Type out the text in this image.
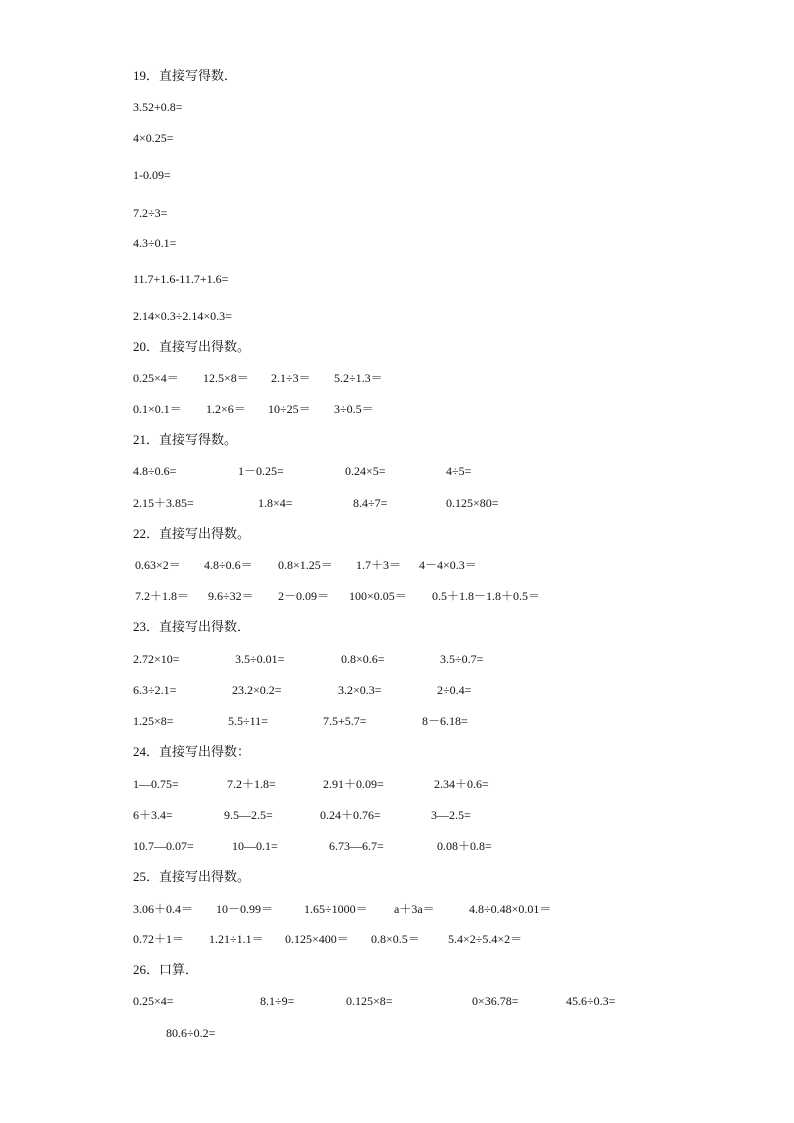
19．直接写得数．
3.52+0.8=
4×0.25=
1-0.09=
7.2÷3=
4.3÷0.1=
11.7+1.6-11.7+1.6=
2.14×0.3÷2.14×0.3=
20．直接写出得数。
0.25×4＝ 12.5×8＝ 2.1÷3＝ 5.2÷1.3＝
0.1×0.1＝ 1.2×6＝ 10÷25＝ 3÷0.5＝
21．直接写得数。
4.8÷0.6=	1－0.25=	0.24×5=	4÷5=
2.15＋3.85=	1.8×4=	8.4÷7=	0.125×80=
22．直接写出得数。
0.63×2＝ 4.8÷0.6＝ 0.8×1.25＝ 1.7＋3＝ 4－4×0.3＝
7.2＋1.8＝ 9.6÷32＝ 2－0.09＝ 100×0.05＝ 0.5＋1.8－1.8＋0.5＝
23．直接写出得数．
2.72×10=	3.5÷0.01=	0.8×0.6=	3.5÷0.7=
6.3÷2.1=	23.2×0.2=	3.2×0.3=	2÷0.4=
1.25×8=	5.5÷11=	7.5+5.7=	8－6.18=
24．直接写出得数：
1—0.75=	7.2＋1.8=	2.91＋0.09=	2.34＋0.6=
6＋3.4=	9.5—2.5=	0.24＋0.76=	3—2.5=
10.7—0.07=	10—0.1=	6.73—6.7=	0.08＋0.8=
25．直接写出得数。
3.06＋0.4＝ 10－0.99＝	1.65÷1000＝ a＋3a＝	4.8÷0.48×0.01＝
0.72＋1＝ 1.21÷1.1＝ 0.125×400＝ 0.8×0.5＝ 5.4×2÷5.4×2＝
26．口算．
0.25×4=	8.1÷9=	0.125×8=	0×36.78=	45.6÷0.3=
80.6÷0.2=
